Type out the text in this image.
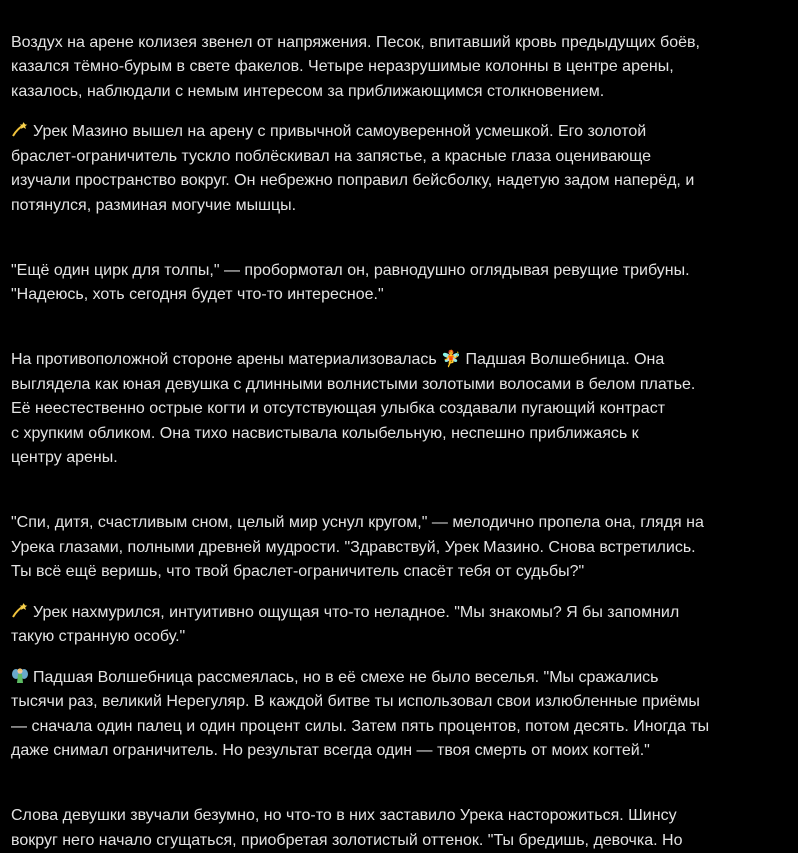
Воздух на арене колизея звенел от напряжения. Песок, впитавший кровь предыдущих боёв,
казался тёмно-бурым в свете факелов. Четыре неразрушимые колонны в центре арены,
казалось, наблюдали с немым интересом за приближающимся столкновением.

Урек Мазино вышел на арену с привычной самоуверенной усмешкой. Его золотой
браслет-ограничитель тускло поблёскивал на запястье, а красные глаза оценивающе
изучали пространство вокруг. Он небрежно поправил бейсболку, надетую задом наперёд, и
потянулся, разминая могучие мышцы.

"Ещё один цирк для толпы," — пробормотал он, равнодушно оглядывая ревущие трибуны.
"Надеюсь, хоть сегодня будет что-то интересное."

На противоположной стороне арены материализовалась 🧚 Падшая Волшебница. Она
выглядела как юная девушка с длинными волнистыми золотыми волосами в белом платье.
Её неестественно острые когти и отсутствующая улыбка создавали пугающий контраст
с хрупким обликом. Она тихо насвистывала колыбельную, неспешно приближаясь к
центру арены.

"Спи, дитя, счастливым сном, целый мир уснул кругом," — мелодично пропела она, глядя на
Урека глазами, полными древней мудрости. "Здравствуй, Урек Мазино. Снова встретились.
Ты всё ещё веришь, что твой браслет-ограничитель спасёт тебя от судьбы?"

Урек нахмурился, интуитивно ощущая что-то неладное. "Мы знакомы? Я бы запомнил
такую странную особу."

Падшая Волшебница рассмеялась, но в её смехе не было веселья. "Мы сражались
тысячи раз, великий Нерегуляр. В каждой битве ты использовал свои излюбленные приёмы
— сначала один палец и один процент силы. Затем пять процентов, потом десять. Иногда ты
даже снимал ограничитель. Но результат всегда один — твоя смерть от моих когтей."

Слова девушки звучали безумно, но что-то в них заставило Урека насторожиться. Шинсу
вокруг него начало сгущаться, приобретая золотистый оттенок. "Ты бредишь, девочка. Но
